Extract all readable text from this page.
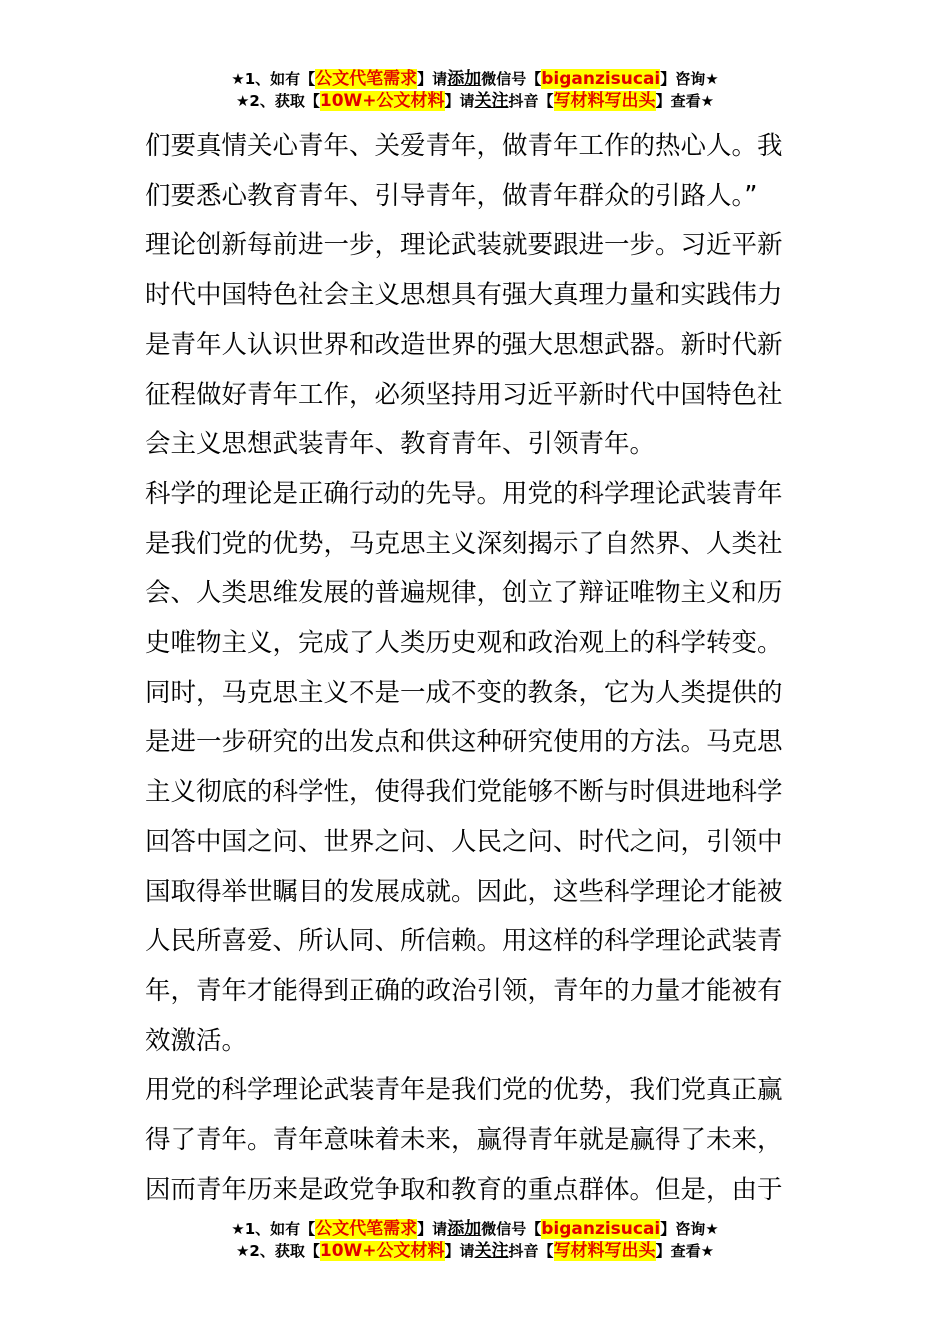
★1、如有【公文代笔需求】请添加微信号【biganzisucai】咨询★
★2、获取【10W+公文材料】请关注抖音【写材料写出头】查看★
们要真情关心青年、关爱青年，做青年工作的热心人。我
们要悉心教育青年、引导青年，做青年群众的引路人。”
理论创新每前进一步，理论武装就要跟进一步。习近平新
时代中国特色社会主义思想具有强大真理力量和实践伟力
是青年人认识世界和改造世界的强大思想武器。新时代新
征程做好青年工作，必须坚持用习近平新时代中国特色社
会主义思想武装青年、教育青年、引领青年。
科学的理论是正确行动的先导。用党的科学理论武装青年
是我们党的优势，马克思主义深刻揭示了自然界、人类社
会、人类思维发展的普遍规律，创立了辩证唯物主义和历
史唯物主义，完成了人类历史观和政治观上的科学转变。
同时，马克思主义不是一成不变的教条，它为人类提供的
是进一步研究的出发点和供这种研究使用的方法。马克思
主义彻底的科学性，使得我们党能够不断与时俱进地科学
回答中国之问、世界之问、人民之问、时代之问，引领中
国取得举世瞩目的发展成就。因此，这些科学理论才能被
人民所喜爱、所认同、所信赖。用这样的科学理论武装青
年，青年才能得到正确的政治引领，青年的力量才能被有
效激活。
用党的科学理论武装青年是我们党的优势，我们党真正赢
得了青年。青年意味着未来，赢得青年就是赢得了未来，
因而青年历来是政党争取和教育的重点群体。但是，由于
★1、如有【公文代笔需求】请添加微信号【biganzisucai】咨询★
★2、获取【10W+公文材料】请关注抖音【写材料写出头】查看★
